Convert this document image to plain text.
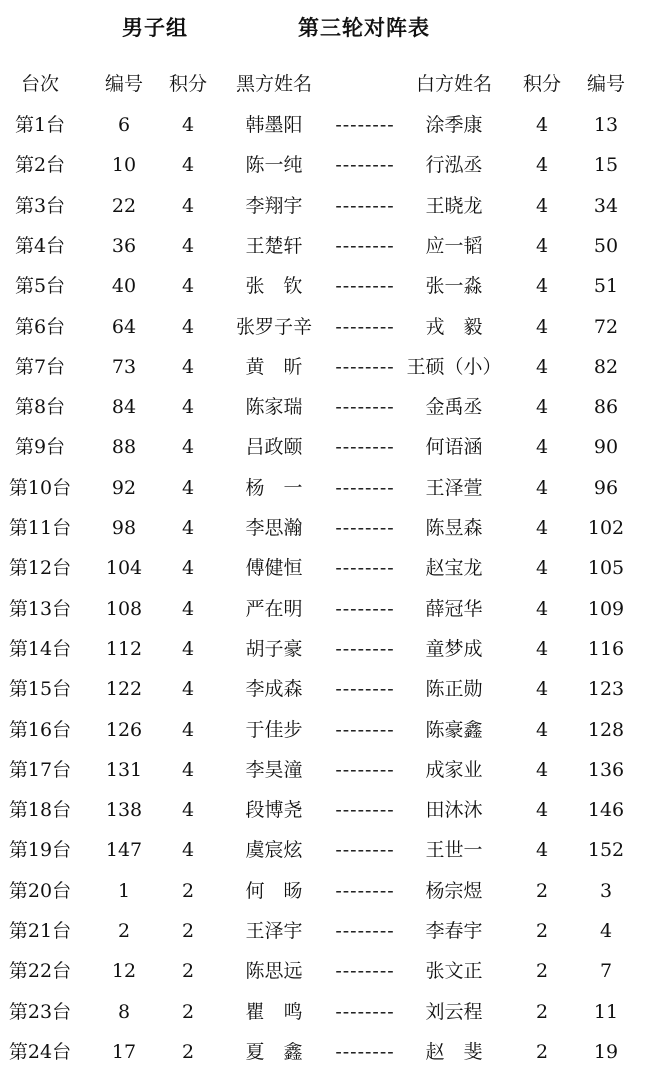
男子组	第三轮对阵表
台次	编号	积分	黑方姓名	白方姓名	积分	编号
第1台	6	4	韩墨阳	--------	涂季康	4	13
第2台	10	4	陈一纯	--------	行泓丞	4	15
第3台	22	4	李翔宇	--------	王晓龙	4	34
第4台	36	4	王楚轩	--------	应一韬	4	50
第5台	40	4	张　钦	--------	张一淼	4	51
第6台	64	4	张罗子辛	--------	戎　毅	4	72
第7台	73	4	黄　昕	-------- 王硕（小）	4	82
第8台	84	4	陈家瑞	--------	金禹丞	4	86
第9台	88	4	吕政颐	--------	何语涵	4	90
第10台	92	4	杨　一	--------	王泽萱	4	96
第11台	98	4	李思瀚	--------	陈昱森	4	102
第12台	104	4	傅健恒	--------	赵宝龙	4	105
第13台	108	4	严在明	--------	薛冠华	4	109
第14台	112	4	胡子豪	--------	童梦成	4	116
第15台	122	4	李成森	--------	陈正勋	4	123
第16台	126	4	于佳步	--------	陈豪鑫	4	128
第17台	131	4	李昊潼	--------	成家业	4	136
第18台	138	4	段博尧	--------	田沐沐	4	146
第19台	147	4	虞宸炫	--------	王世一	4	152
第20台	1	2	何　旸	--------	杨宗煜	2	3
第21台	2	2	王泽宇	--------	李春宇	2	4
第22台	12	2	陈思远	--------	张文正	2	7
第23台	8	2	瞿　鸣	--------	刘云程	2	11
第24台	17	2	夏　鑫	--------	赵　斐	2	19
